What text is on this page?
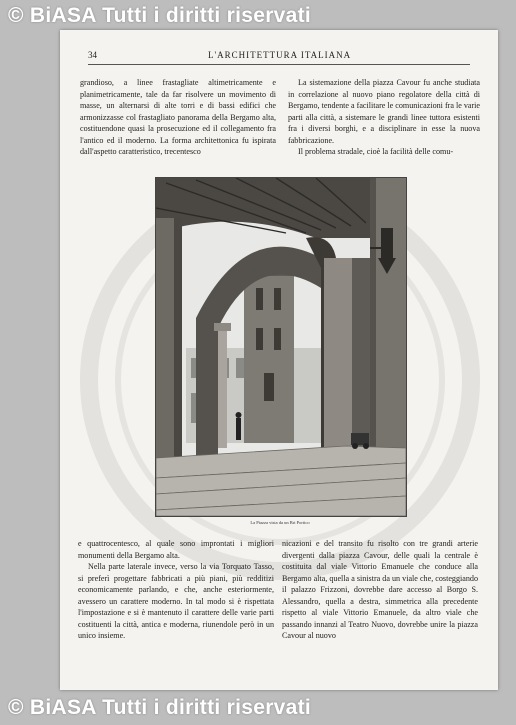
© BiASA Tutti i diritti riservati
34	L'ARCHITETTURA ITALIANA

grandioso, a linee frastagliate altimetricamente e planimetricamente, tale da far risolvere un movimento di masse, un alternarsi di alte torri e di bassi edifici che armonizzasse col frastagliato panorama della Bergamo alta, costituendone quasi la prosecuzione ed il collegamento fra l'antico ed il moderno. La forma architettonica fu ispirata dall'aspetto caratteristico, trecentesco

La sistemazione della piazza Cavour fu anche studiata in correlazione al nuovo piano regolatore della città di Bergamo, tendente a facilitare le comunicazioni fra le varie parti alla città, a sistemare le grandi linee tuttora esistenti fra i diversi borghi, e a disciplinare in esse la nuova fabbricazione.

Il problema stradale, cioè la facilità delle comu-

La Piazza vista da un Bri Portico

e quattrocentesco, al quale sono improntati i migliori monumenti della Bergamo alta.

Nella parte laterale invece, verso la via Torquato Tasso, si preferì progettare fabbricati a più piani, più redditizi economicamente parlando, e che, anche esteriormente, avessero un carattere moderno. In tal modo si è rispettata l'impostazione e si è mantenuto il carattere delle varie parti costituenti la città, antica e moderna, riunendole però in un unico insieme.

nicazioni e del transito fu risolto con tre grandi arterie divergenti dalla piazza Cavour, delle quali la centrale è costituita dal viale Vittorio Emanuele che conduce alla Bergamo alta, quella a sinistra da un viale che, costeggiando il palazzo Frizzoni, dovrebbe dare accesso al Borgo S. Alessandro, quella a destra, simmetrica alla precedente rispetto al viale Vittorio Emanuele, da altro viale che passando innanzi al Teatro Nuovo, dovrebbe unire la piazza Cavour al nuovo

© BiASA Tutti i diritti riservati
